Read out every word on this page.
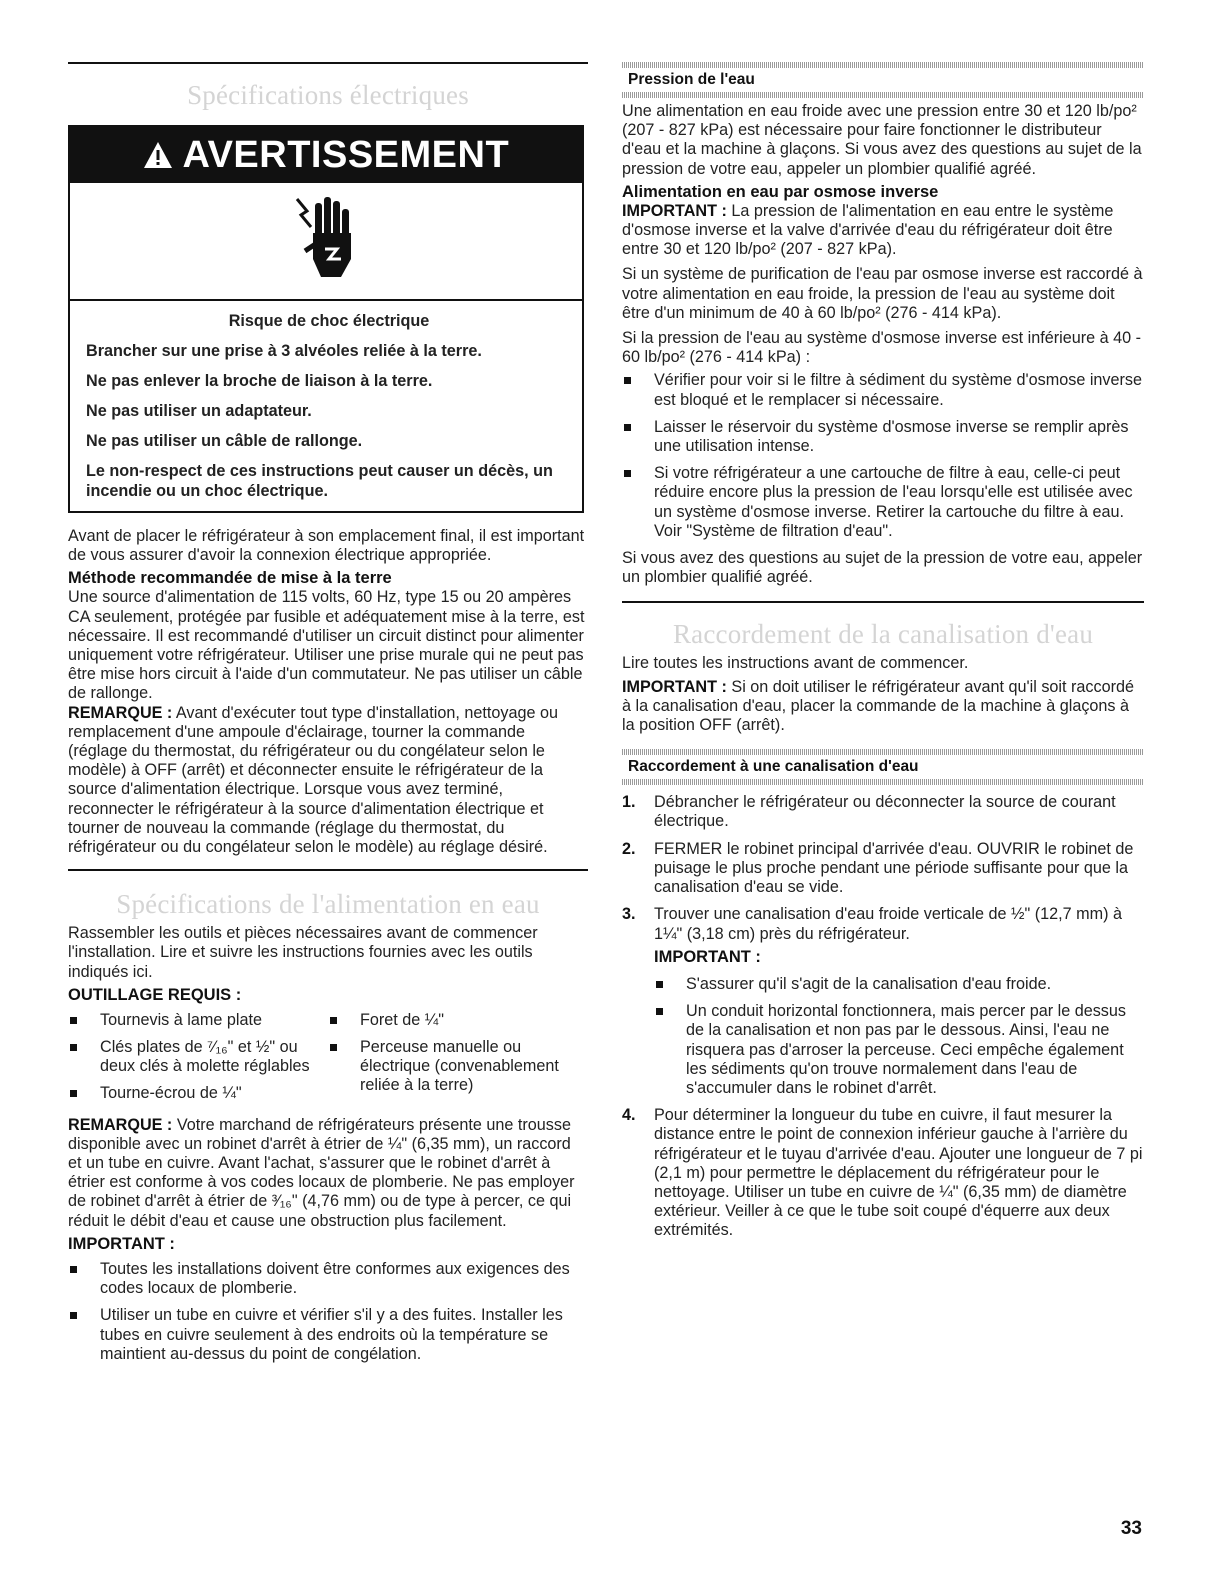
Spécifications électriques
AVERTISSEMENT

Risque de choc électrique

Brancher sur une prise à 3 alvéoles reliée à la terre.

Ne pas enlever la broche de liaison à la terre.

Ne pas utiliser un adaptateur.

Ne pas utiliser un câble de rallonge.

Le non-respect de ces instructions peut causer un décès, un incendie ou un choc électrique.

Avant de placer le réfrigérateur à son emplacement final, il est important de vous assurer d'avoir la connexion électrique appropriée.

Méthode recommandée de mise à la terre

Une source d'alimentation de 115 volts, 60 Hz, type 15 ou 20 ampères CA seulement, protégée par fusible et adéquatement mise à la terre, est nécessaire. Il est recommandé d'utiliser un circuit distinct pour alimenter uniquement votre réfrigérateur. Utiliser une prise murale qui ne peut pas être mise hors circuit à l'aide d'un commutateur. Ne pas utiliser un câble de rallonge.

REMARQUE : Avant d'exécuter tout type d'installation, nettoyage ou remplacement d'une ampoule d'éclairage, tourner la commande (réglage du thermostat, du réfrigérateur ou du congélateur selon le modèle) à OFF (arrêt) et déconnecter ensuite le réfrigérateur de la source d'alimentation électrique. Lorsque vous avez terminé, reconnecter le réfrigérateur à la source d'alimentation électrique et tourner de nouveau la commande (réglage du thermostat, du réfrigérateur ou du congélateur selon le modèle) au réglage désiré.

Spécifications de l'alimentation en eau

Rassembler les outils et pièces nécessaires avant de commencer l'installation. Lire et suivre les instructions fournies avec les outils indiqués ici.

OUTILLAGE REQUIS :
Tournevis à lame plate
Clés plates de ⁷⁄₁₆" et ½" ou deux clés à molette réglables
Tourne-écrou de ¼"
Foret de ¼"
Perceuse manuelle ou électrique (convenablement reliée à la terre)

REMARQUE : Votre marchand de réfrigérateurs présente une trousse disponible avec un robinet d'arrêt à étrier de ¼" (6,35 mm), un raccord et un tube en cuivre. Avant l'achat, s'assurer que le robinet d'arrêt à étrier est conforme à vos codes locaux de plomberie. Ne pas employer de robinet d'arrêt à étrier de ³⁄₁₆" (4,76 mm) ou de type à percer, ce qui réduit le débit d'eau et cause une obstruction plus facilement.

IMPORTANT :
Toutes les installations doivent être conformes aux exigences des codes locaux de plomberie.
Utiliser un tube en cuivre et vérifier s'il y a des fuites. Installer les tubes en cuivre seulement à des endroits où la température se maintient au-dessus du point de congélation.
Pression de l'eau

Une alimentation en eau froide avec une pression entre 30 et 120 lb/po² (207 - 827 kPa) est nécessaire pour faire fonctionner le distributeur d'eau et la machine à glaçons. Si vous avez des questions au sujet de la pression de votre eau, appeler un plombier qualifié agréé.

Alimentation en eau par osmose inverse

IMPORTANT : La pression de l'alimentation en eau entre le système d'osmose inverse et la valve d'arrivée d'eau du réfrigérateur doit être entre 30 et 120 lb/po² (207 - 827 kPa).

Si un système de purification de l'eau par osmose inverse est raccordé à votre alimentation en eau froide, la pression de l'eau au système doit être d'un minimum de 40 à 60 lb/po² (276 - 414 kPa).

Si la pression de l'eau au système d'osmose inverse est inférieure à 40 - 60 lb/po² (276 - 414 kPa) :

Vérifier pour voir si le filtre à sédiment du système d'osmose inverse est bloqué et le remplacer si nécessaire.
Laisser le réservoir du système d'osmose inverse se remplir après une utilisation intense.
Si votre réfrigérateur a une cartouche de filtre à eau, celle-ci peut réduire encore plus la pression de l'eau lorsqu'elle est utilisée avec un système d'osmose inverse. Retirer la cartouche du filtre à eau. Voir "Système de filtration d'eau".

Si vous avez des questions au sujet de la pression de votre eau, appeler un plombier qualifié agréé.

Raccordement de la canalisation d'eau

Lire toutes les instructions avant de commencer.

IMPORTANT : Si on doit utiliser le réfrigérateur avant qu'il soit raccordé à la canalisation d'eau, placer la commande de la machine à glaçons à la position OFF (arrêt).

Raccordement à une canalisation d'eau
1. Débrancher le réfrigérateur ou déconnecter la source de courant électrique.
2. FERMER le robinet principal d'arrivée d'eau. OUVRIR le robinet de puisage le plus proche pendant une période suffisante pour que la canalisation d'eau se vide.
3. Trouver une canalisation d'eau froide verticale de ½" (12,7 mm) à 1¼" (3,18 cm) près du réfrigérateur.
IMPORTANT :
S'assurer qu'il s'agit de la canalisation d'eau froide.
Un conduit horizontal fonctionnera, mais percer par le dessus de la canalisation et non pas par le dessous. Ainsi, l'eau ne risquera pas d'arroser la perceuse. Ceci empêche également les sédiments qu'on trouve normalement dans l'eau de s'accumuler dans le robinet d'arrêt.
4. Pour déterminer la longueur du tube en cuivre, il faut mesurer la distance entre le point de connexion inférieur gauche à l'arrière du réfrigérateur et le tuyau d'arrivée d'eau. Ajouter une longueur de 7 pi (2,1 m) pour permettre le déplacement du réfrigérateur pour le nettoyage. Utiliser un tube en cuivre de ¼" (6,35 mm) de diamètre extérieur. Veiller à ce que le tube soit coupé d'équerre aux deux extrémités.
33
